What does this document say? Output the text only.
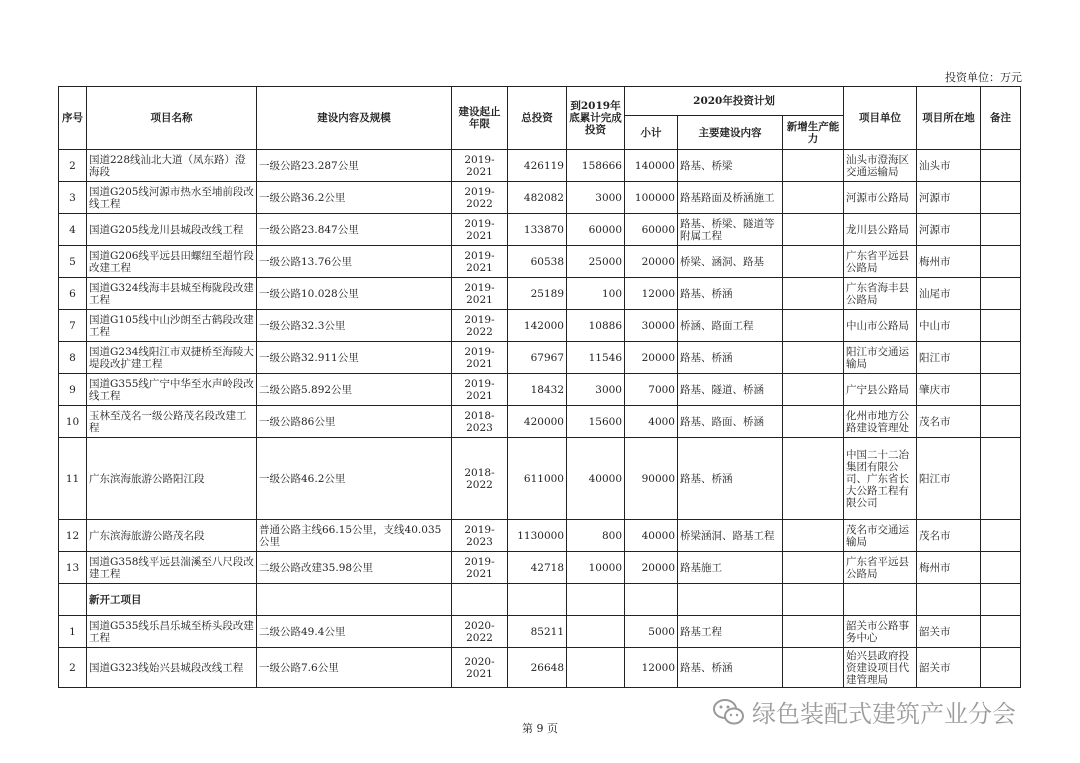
投资单位：万元
序号	项目名称	建设内容及规模	建设起止年限	总投资	到2019年底累计完成投资	2020年投资计划			项目单位	项目所在地	备注
						小计	主要建设内容	新增生产能力			
2	国道228线汕北大道（凤东路）澄海段	一级公路23.287公里	2019-2021	426119	158666	140000	路基、桥梁		汕头市澄海区交通运输局	汕头市	
3	国道G205线河源市热水至埔前段改线工程	一级公路36.2公里	2019-2022	482082	3000	100000	路基路面及桥涵施工		河源市公路局	河源市	
4	国道G205线龙川县城段改线工程	一级公路23.847公里	2019-2021	133870	60000	60000	路基、桥梁、隧道等附属工程		龙川县公路局	河源市	
5	国道G206线平远县田螺纽至超竹段改建工程	一级公路13.76公里	2019-2021	60538	25000	20000	桥梁、涵洞、路基		广东省平远县公路局	梅州市	
6	国道G324线海丰县城至梅陇段改建工程	一级公路10.028公里	2019-2021	25189	100	12000	路基、桥涵		广东省海丰县公路局	汕尾市	
7	国道G105线中山沙朗至古鹤段改建工程	一级公路32.3公里	2019-2022	142000	10886	30000	桥涵、路面工程		中山市公路局	中山市	
8	国道G234线阳江市双捷桥至海陵大堤段改扩建工程	一级公路32.911公里	2019-2021	67967	11546	20000	路基、桥涵		阳江市交通运输局	阳江市	
9	国道G355线广宁中华至水声岭段改线工程	二级公路5.892公里	2019-2021	18432	3000	7000	路基、隧道、桥涵		广宁县公路局	肇庆市	
10	玉林至茂名一级公路茂名段改建工程	一级公路86公里	2018-2023	420000	15600	4000	路基、路面、桥涵		化州市地方公路建设管理处	茂名市	
11	广东滨海旅游公路阳江段	一级公路46.2公里	2018-2022	611000	40000	90000	路基、桥涵		中国二十二冶集团有限公司、广东省长大公路工程有限公司	阳江市	
12	广东滨海旅游公路茂名段	普通公路主线66.15公里，支线40.035公里	2019-2023	1130000	800	40000	桥梁涵洞、路基工程		茂名市交通运输局	茂名市	
13	国道G358线平远县湍溪至八尺段改建工程	二级公路改建35.98公里	2019-2021	42718	10000	20000	路基施工		广东省平远县公路局	梅州市	
	新开工项目										
1	国道G535线乐昌乐城至桥头段改建工程	二级公路49.4公里	2020-2022	85211		5000	路基工程		韶关市公路事务中心	韶关市	
2	国道G323线始兴县城段改线工程	一级公路7.6公里	2020-2021	26648		12000	路基、桥涵		始兴县政府投资建设项目代建管理局	韶关市	
第 9 页
绿色装配式建筑产业分会
